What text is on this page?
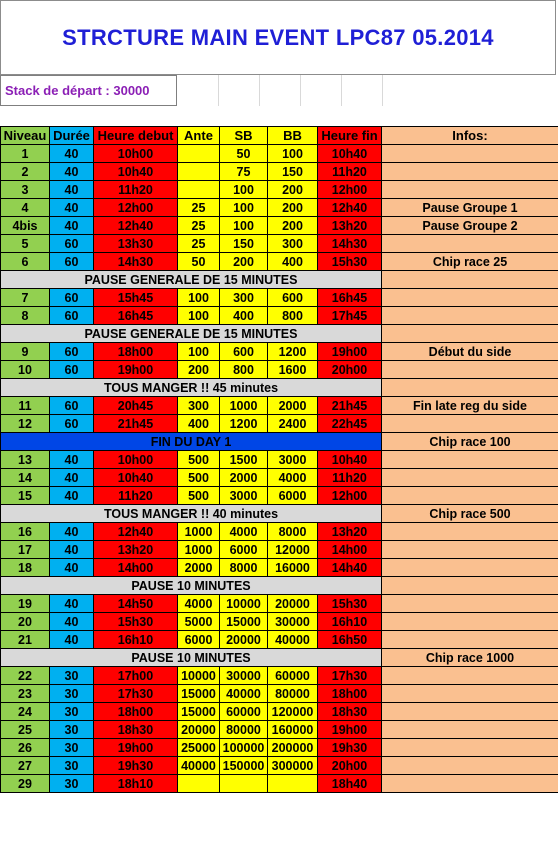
STRCTURE MAIN EVENT LPC87 05.2014
Stack de départ : 30000
Niveau	Durée	Heure debut	Ante	SB	BB	Heure fin	Infos:
1	40	10h00		50	100	10h40	
2	40	10h40		75	150	11h20	
3	40	11h20		100	200	12h00	
4	40	12h00	25	100	200	12h40	Pause Groupe 1
4bis	40	12h40	25	100	200	13h20	Pause Groupe 2
5	60	13h30	25	150	300	14h30	
6	60	14h30	50	200	400	15h30	Chip race 25
PAUSE GENERALE DE 15 MINUTES							
7	60	15h45	100	300	600	16h45	
8	60	16h45	100	400	800	17h45	
PAUSE GENERALE DE 15 MINUTES							
9	60	18h00	100	600	1200	19h00	Début du side
10	60	19h00	200	800	1600	20h00	
TOUS MANGER !! 45 minutes							
11	60	20h45	300	1000	2000	21h45	Fin late reg du side
12	60	21h45	400	1200	2400	22h45	
FIN DU DAY 1							Chip race 100
13	40	10h00	500	1500	3000	10h40	
14	40	10h40	500	2000	4000	11h20	
15	40	11h20	500	3000	6000	12h00	
TOUS MANGER !! 40 minutes							Chip race 500
16	40	12h40	1000	4000	8000	13h20	
17	40	13h20	1000	6000	12000	14h00	
18	40	14h00	2000	8000	16000	14h40	
PAUSE 10 MINUTES							
19	40	14h50	4000	10000	20000	15h30	
20	40	15h30	5000	15000	30000	16h10	
21	40	16h10	6000	20000	40000	16h50	
PAUSE 10 MINUTES							Chip race 1000
22	30	17h00	10000	30000	60000	17h30	
23	30	17h30	15000	40000	80000	18h00	
24	30	18h00	15000	60000	120000	18h30	
25	30	18h30	20000	80000	160000	19h00	
26	30	19h00	25000	100000	200000	19h30	
27	30	19h30	40000	150000	300000	20h00	
29	30	18h10				18h40	
